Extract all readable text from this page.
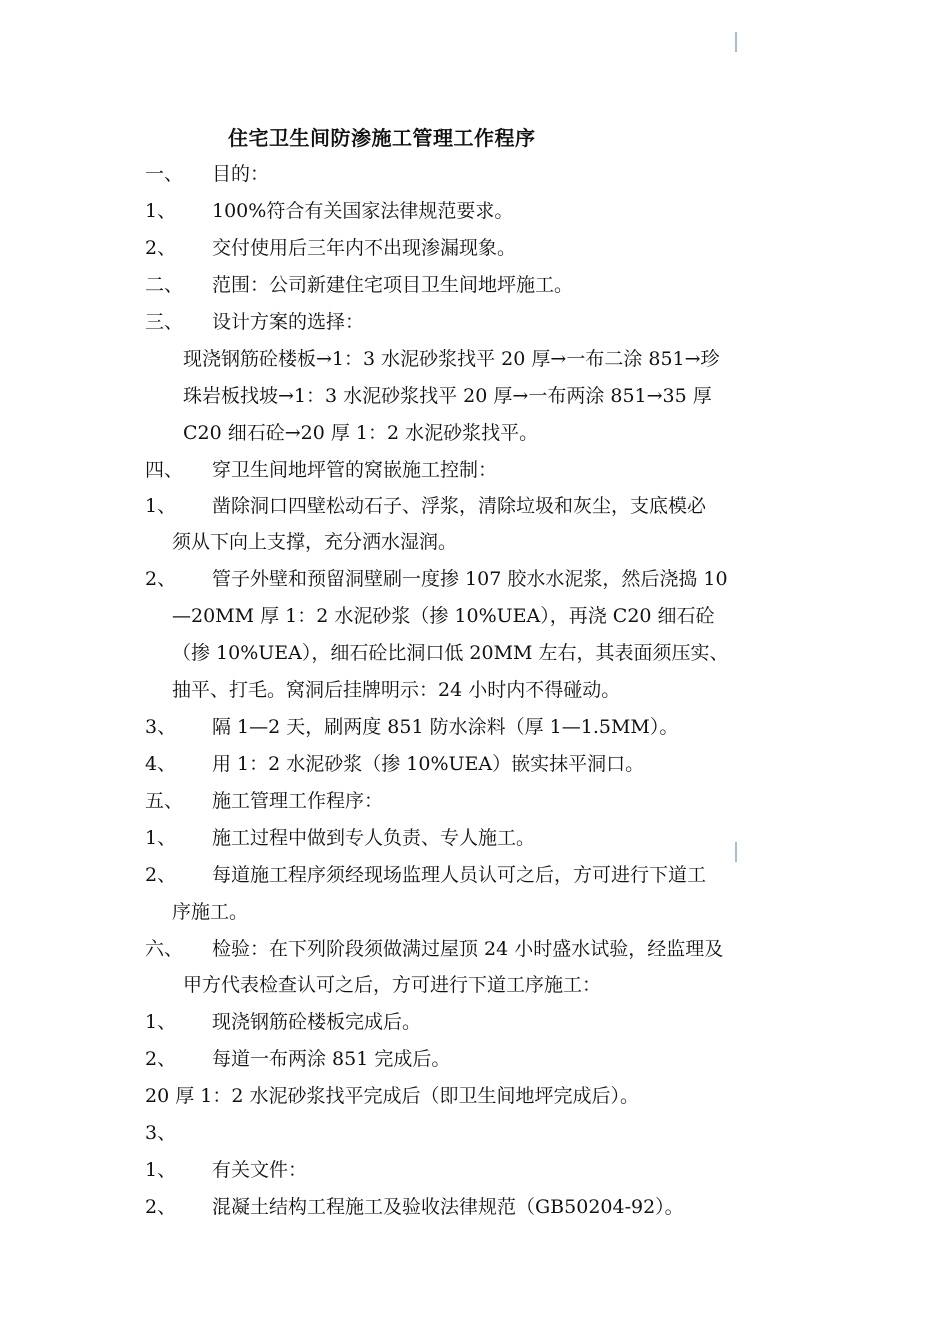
住宅卫生间防渗施工管理工作程序
一、 目的：
1、 100%符合有关国家法律规范要求。
2、 交付使用后三年内不出现渗漏现象。
二、 范围：公司新建住宅项目卫生间地坪施工。
三、 设计方案的选择：
现浇钢筋砼楼板→1：3 水泥砂浆找平 20 厚→一布二涂 851→珍
珠岩板找坡→1：3 水泥砂浆找平 20 厚→一布两涂 851→35 厚
C20 细石砼→20 厚 1：2 水泥砂浆找平。
四、 穿卫生间地坪管的窝嵌施工控制：
1、 凿除洞口四壁松动石子、浮浆，清除垃圾和灰尘，支底模必
须从下向上支撑，充分洒水湿润。
2、 管子外壁和预留洞壁刷一度掺 107 胶水水泥浆，然后浇捣 10
—20MM 厚 1：2 水泥砂浆（掺 10%UEA），再浇 C20 细石砼
（掺 10%UEA），细石砼比洞口低 20MM 左右，其表面须压实、
抽平、打毛。窝洞后挂牌明示：24 小时内不得碰动。
3、 隔 1—2 天，刷两度 851 防水涂料（厚 1—1.5MM）。
4、 用 1：2 水泥砂浆（掺 10%UEA）嵌实抹平洞口。
五、 施工管理工作程序：
1、 施工过程中做到专人负责、专人施工。
2、 每道施工程序须经现场监理人员认可之后，方可进行下道工
序施工。
六、 检验：在下列阶段须做满过屋顶 24 小时盛水试验，经监理及
甲方代表检查认可之后，方可进行下道工序施工：
1、 现浇钢筋砼楼板完成后。
2、 每道一布两涂 851 完成后。
20 厚 1：2 水泥砂浆找平完成后（即卫生间地坪完成后）。
3、
1、 有关文件：
2、 混凝土结构工程施工及验收法律规范（GB50204-92）。
